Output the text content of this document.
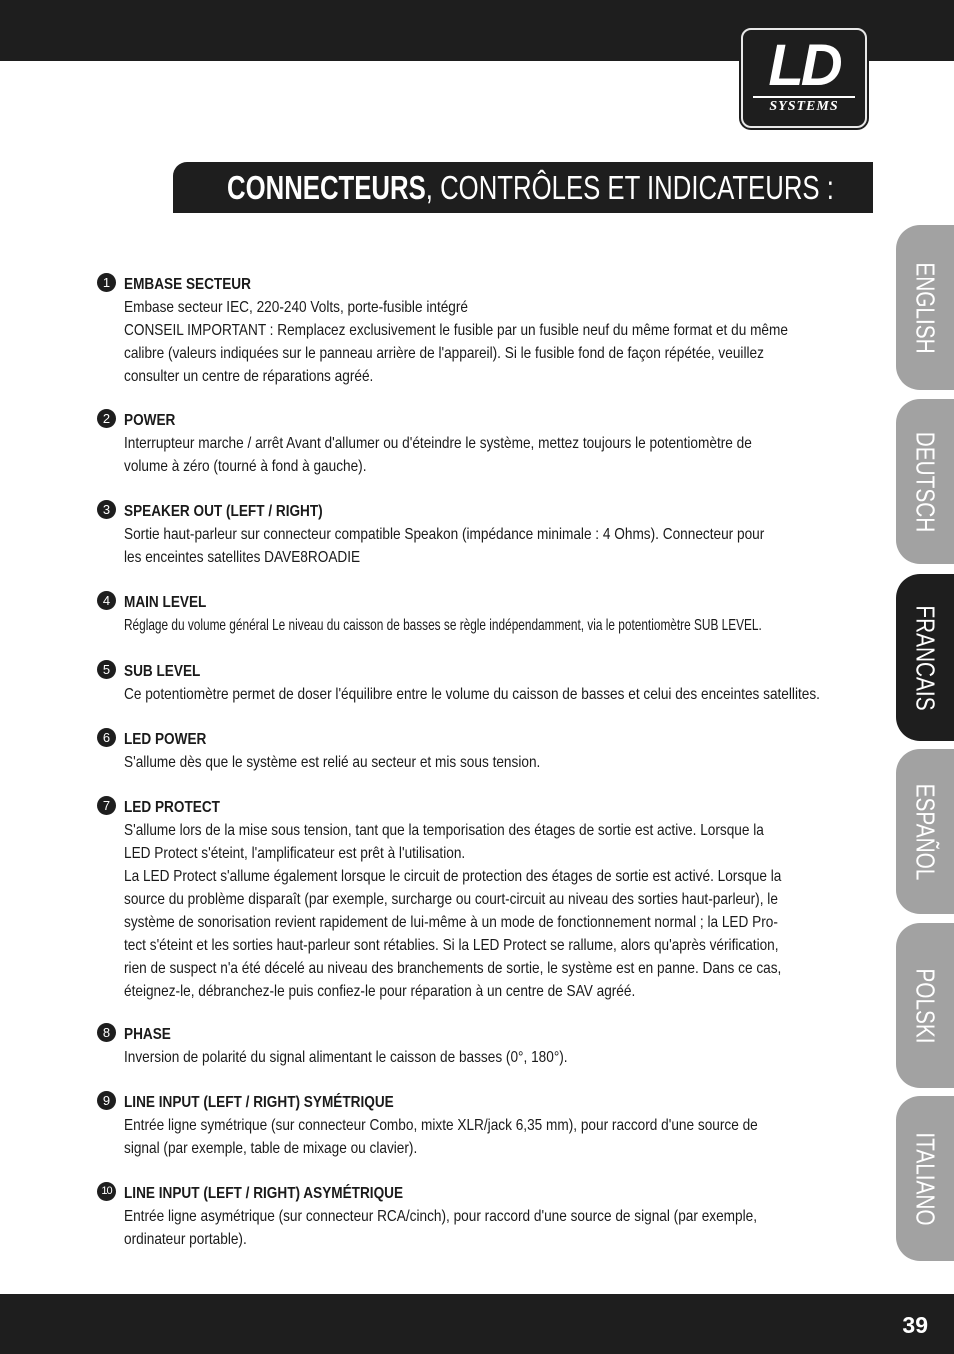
LD
SYSTEMS
CONNECTEURS, CONTRÔLES ET INDICATEURS :
ENGLISH
DEUTSCH
FRANCAIS
ESPAÑOL
POLSKI
ITALIANO
1 EMBASE SECTEUR
Embase secteur IEC, 220-240 Volts, porte-fusible intégré
CONSEIL IMPORTANT : Remplacez exclusivement le fusible par un fusible neuf du même format et du même
calibre (valeurs indiquées sur le panneau arrière de l'appareil). Si le fusible fond de façon répétée, veuillez
consulter un centre de réparations agréé.
2 POWER
Interrupteur marche / arrêt Avant d'allumer ou d'éteindre le système, mettez toujours le potentiomètre de
volume à zéro (tourné à fond à gauche).
3 SPEAKER OUT (LEFT / RIGHT)
Sortie haut-parleur sur connecteur compatible Speakon (impédance minimale : 4 Ohms). Connecteur pour
les enceintes satellites DAVE8ROADIE
4 MAIN LEVEL
Réglage du volume général Le niveau du caisson de basses se règle indépendamment, via le potentiomètre SUB LEVEL.
5 SUB LEVEL
Ce potentiomètre permet de doser l'équilibre entre le volume du caisson de basses et celui des enceintes satellites.
6 LED POWER
S'allume dès que le système est relié au secteur et mis sous tension.
7 LED PROTECT
S'allume lors de la mise sous tension, tant que la temporisation des étages de sortie est active. Lorsque la
LED Protect s'éteint, l'amplificateur est prêt à l'utilisation.
La LED Protect s'allume également lorsque le circuit de protection des étages de sortie est activé. Lorsque la
source du problème disparaît (par exemple, surcharge ou court-circuit au niveau des sorties haut-parleur), le
système de sonorisation revient rapidement de lui-même à un mode de fonctionnement normal ; la LED Pro-
tect s'éteint et les sorties haut-parleur sont rétablies. Si la LED Protect se rallume, alors qu'après vérification,
rien de suspect n'a été décelé au niveau des branchements de sortie, le système est en panne. Dans ce cas,
éteignez-le, débranchez-le puis confiez-le pour réparation à un centre de SAV agréé.
8 PHASE
Inversion de polarité du signal alimentant le caisson de basses (0°, 180°).
9 LINE INPUT (LEFT / RIGHT) SYMÉTRIQUE
Entrée ligne symétrique (sur connecteur Combo, mixte XLR/jack 6,35 mm), pour raccord d'une source de
signal (par exemple, table de mixage ou clavier).
10 LINE INPUT (LEFT / RIGHT) ASYMÉTRIQUE
Entrée ligne asymétrique (sur connecteur RCA/cinch), pour raccord d'une source de signal (par exemple,
ordinateur portable).
39
